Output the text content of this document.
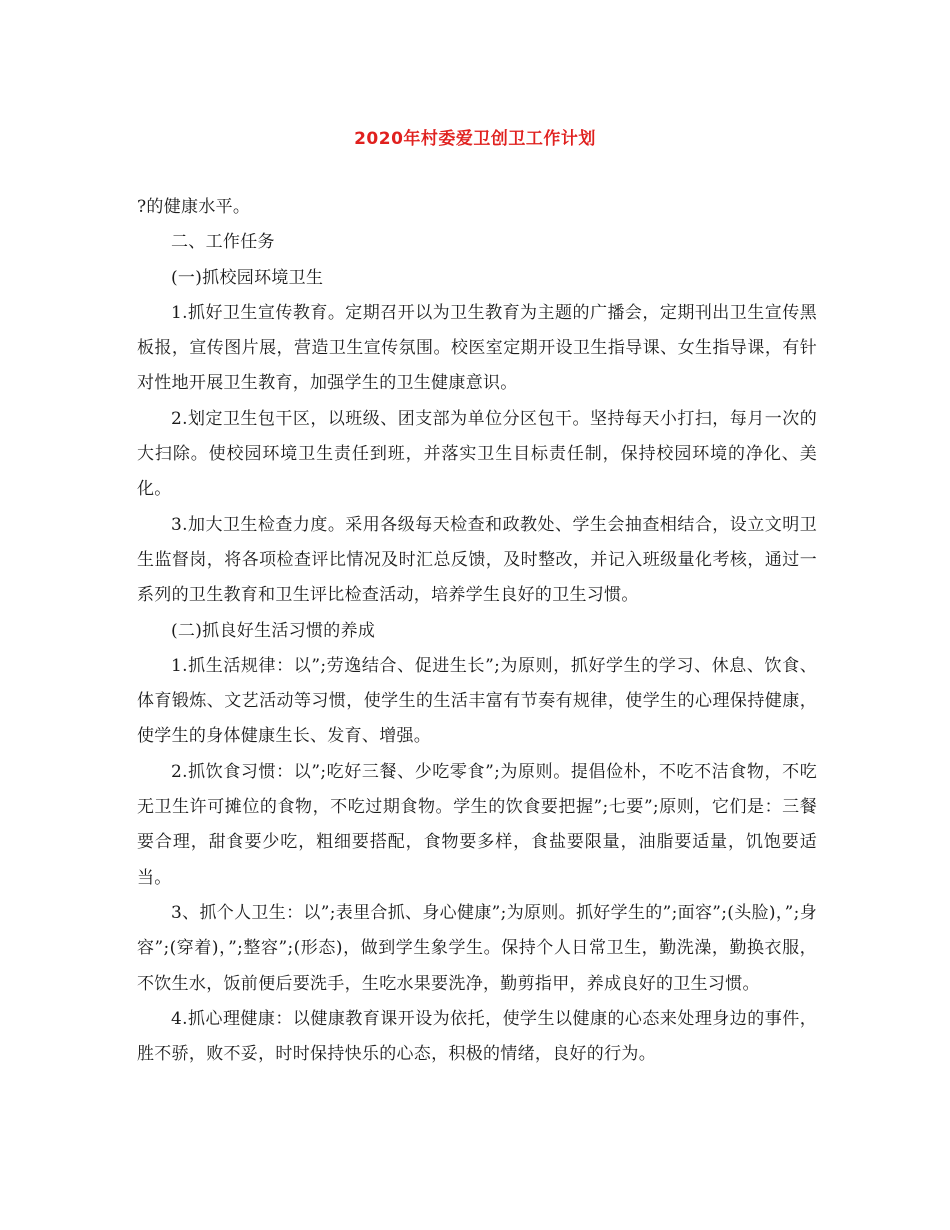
2020年村委爱卫创卫工作计划

?的健康水平。

二、工作任务

(一)抓校园环境卫生

1.抓好卫生宣传教育。定期召开以为卫生教育为主题的广播会，定期刊出卫生宣传黑板报，宣传图片展，营造卫生宣传氛围。校医室定期开设卫生指导课、女生指导课，有针对性地开展卫生教育，加强学生的卫生健康意识。

2.划定卫生包干区，以班级、团支部为单位分区包干。坚持每天小打扫，每月一次的大扫除。使校园环境卫生责任到班，并落实卫生目标责任制，保持校园环境的净化、美化。

3.加大卫生检查力度。采用各级每天检查和政教处、学生会抽查相结合，设立文明卫生监督岗，将各项检查评比情况及时汇总反馈，及时整改，并记入班级量化考核，通过一系列的卫生教育和卫生评比检查活动，培养学生良好的卫生习惯。

(二)抓良好生活习惯的养成

1.抓生活规律：以”;劳逸结合、促进生长”;为原则，抓好学生的学习、休息、饮食、体育锻炼、文艺活动等习惯，使学生的生活丰富有节奏有规律，使学生的心理保持健康，使学生的身体健康生长、发育、增强。

2.抓饮食习惯：以”;吃好三餐、少吃零食”;为原则。提倡俭朴，不吃不洁食物，不吃无卫生许可摊位的食物，不吃过期食物。学生的饮食要把握”;七要”;原则，它们是：三餐要合理，甜食要少吃，粗细要搭配，食物要多样，食盐要限量，油脂要适量，饥饱要适当。

3、抓个人卫生：以”;表里合抓、身心健康”;为原则。抓好学生的”;面容”;(头脸)，”;身容”;(穿着)，”;整容”;(形态)，做到学生象学生。保持个人日常卫生，勤洗澡，勤换衣服，不饮生水，饭前便后要洗手，生吃水果要洗净，勤剪指甲，养成良好的卫生习惯。

4.抓心理健康：以健康教育课开设为依托，使学生以健康的心态来处理身边的事件，胜不骄，败不妥，时时保持快乐的心态，积极的情绪，良好的行为。
